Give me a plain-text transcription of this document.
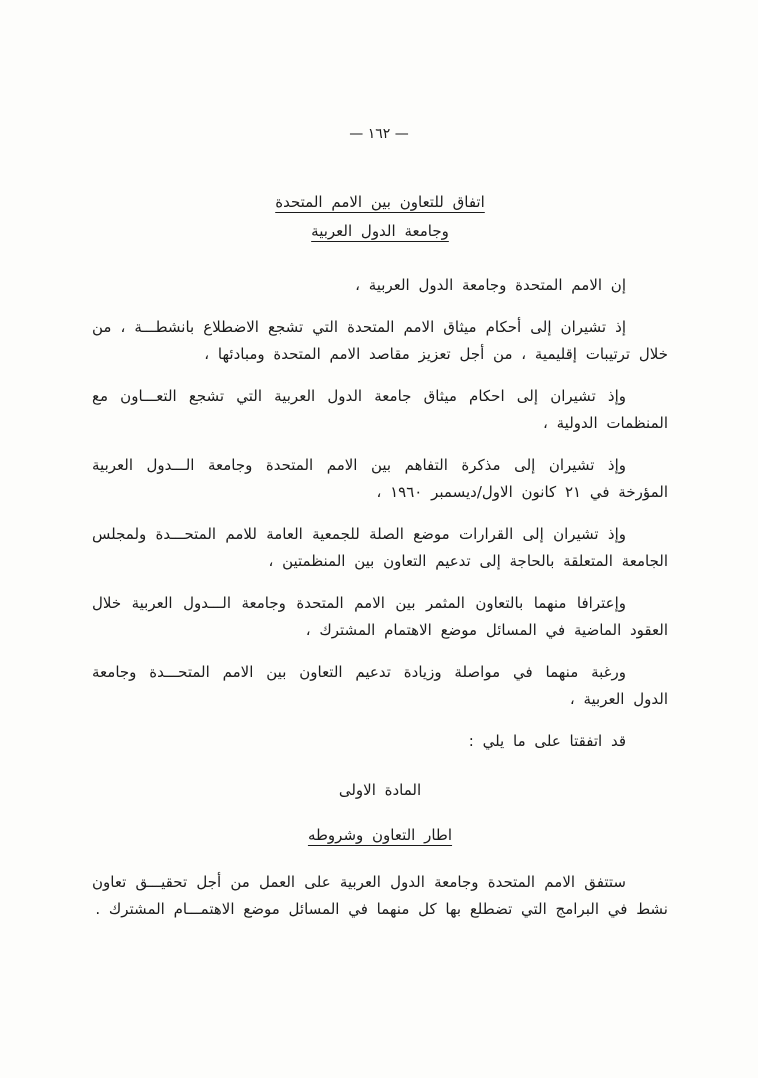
— ١٦٢ —
اتفاق للتعاون بين الامم المتحدة
وجامعة الدول العربية

إن الامم المتحدة وجامعة الدول العربية ،

إذ تشيران إلى أحكام ميثاق الامم المتحدة التي تشجع الاضطلاع بانشطـــة ، من خلال ترتيبات إقليمية ، من أجل تعزيز مقاصد الامم المتحدة ومبادئها ،

وإذ تشيران إلى احكام ميثاق جامعة الدول العربية التي تشجع التعـــاون مع المنظمات الدولية ،

وإذ تشيران إلى مذكرة التفاهم بين الامم المتحدة وجامعة الـــدول العربية المؤرخة في ٢١ كانون الاول/ديسمبر ١٩٦٠ ،

وإذ تشيران إلى القرارات موضع الصلة للجمعية العامة للامم المتحـــدة ولمجلس الجامعة المتعلقة بالحاجة إلى تدعيم التعاون بين المنظمتين ،

وإعترافا منهما بالتعاون المثمر بين الامم المتحدة وجامعة الـــدول العربية خلال العقود الماضية في المسائل موضع الاهتمام المشترك ،

ورغبة منهما في مواصلة وزيادة تدعيم التعاون بين الامم المتحـــدة وجامعة الدول العربية ،

قد اتفقتا على ما يلي :

المادة الاولى
اطار التعاون وشروطه

ستتفق الامم المتحدة وجامعة الدول العربية على العمل من أجل تحقيـــق تعاون نشط في البرامج التي تضطلع بها كل منهما في المسائل موضع الاهتمـــام المشترك .
